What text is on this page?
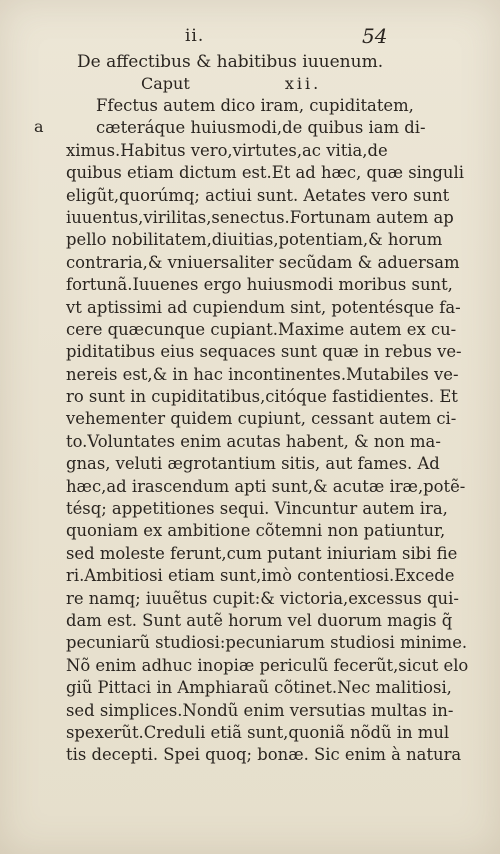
ii.	54
De affectibus & habitibus iuuenum.
Caput	xii.
a
Ffectus autem dico iram, cupiditatem,
cæteráque huiusmodi,de quibus iam di-
ximus.Habitus vero,virtutes,ac vitia,de
quibus etiam dictum est.Et ad hæc, quæ singuli
eligũt,quorúmq; actiui sunt. Aetates vero sunt
iuuentus,virilitas,senectus.Fortunam autem ap
pello nobilitatem,diuitias,potentiam,& horum
contraria,& vniuersaliter secũdam & aduersam
fortunã.Iuuenes ergo huiusmodi moribus sunt,
vt aptissimi ad cupiendum sint, potentésque fa-
cere quæcunque cupiant.Maxime autem ex cu-
piditatibus eius sequaces sunt quæ in rebus ve-
nereis est,& in hac incontinentes.Mutabiles ve-
ro sunt in cupiditatibus,citóque fastidientes. Et
vehementer quidem cupiunt, cessant autem ci-
to.Voluntates enim acutas habent, & non ma-
gnas, veluti ægrotantium sitis, aut fames. Ad
hæc,ad irascendum apti sunt,& acutæ iræ,potẽ-
tésq; appetitiones sequi. Vincuntur autem ira,
quoniam ex ambitione cõtemni non patiuntur,
sed moleste ferunt,cum putant iniuriam sibi fie
ri.Ambitiosi etiam sunt,imò contentiosi.Excede
re namq; iuuẽtus cupit:& victoria,excessus qui-
dam est. Sunt autẽ horum vel duorum magis q̃
pecuniarũ studiosi:pecuniarum studiosi minime.
Nõ enim adhuc inopiæ periculũ fecerũt,sicut elo
giũ Pittaci in Amphiaraũ cõtinet.Nec malitiosi,
sed simplices.Nondũ enim versutias multas in-
spexerũt.Creduli etiã sunt,quoniã nõdũ in mul
tis decepti. Spei quoq; bonæ. Sic enim à natura
